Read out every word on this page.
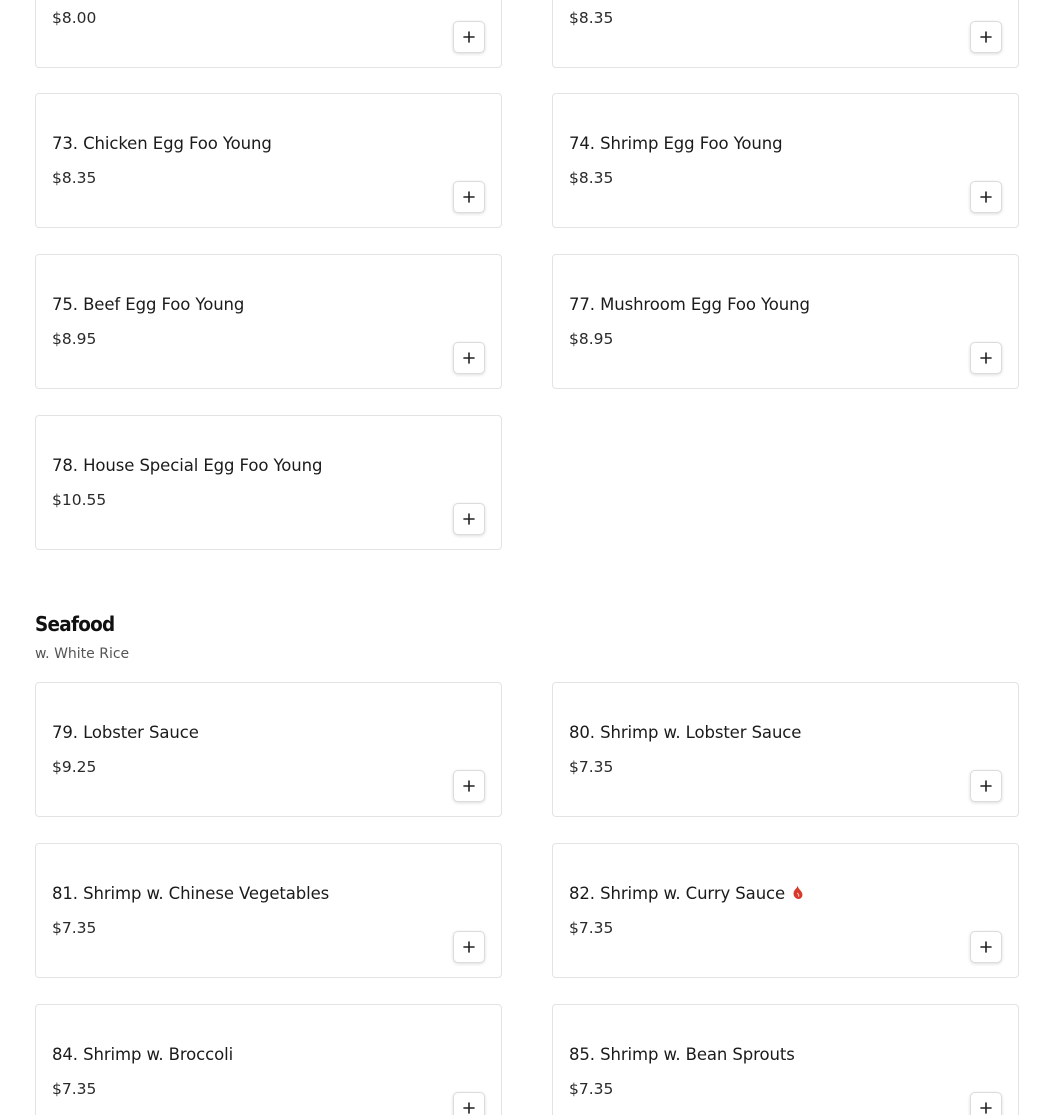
$8.00	$8.35
73. Chicken Egg Foo Young
$8.35
74. Shrimp Egg Foo Young
$8.35
75. Beef Egg Foo Young
$8.95
77. Mushroom Egg Foo Young
$8.95
78. House Special Egg Foo Young
$10.55
Seafood
w. White Rice
79. Lobster Sauce
$9.25
80. Shrimp w. Lobster Sauce
$7.35
81. Shrimp w. Chinese Vegetables
$7.35
82. Shrimp w. Curry Sauce
$7.35
84. Shrimp w. Broccoli
$7.35
85. Shrimp w. Bean Sprouts
$7.35
